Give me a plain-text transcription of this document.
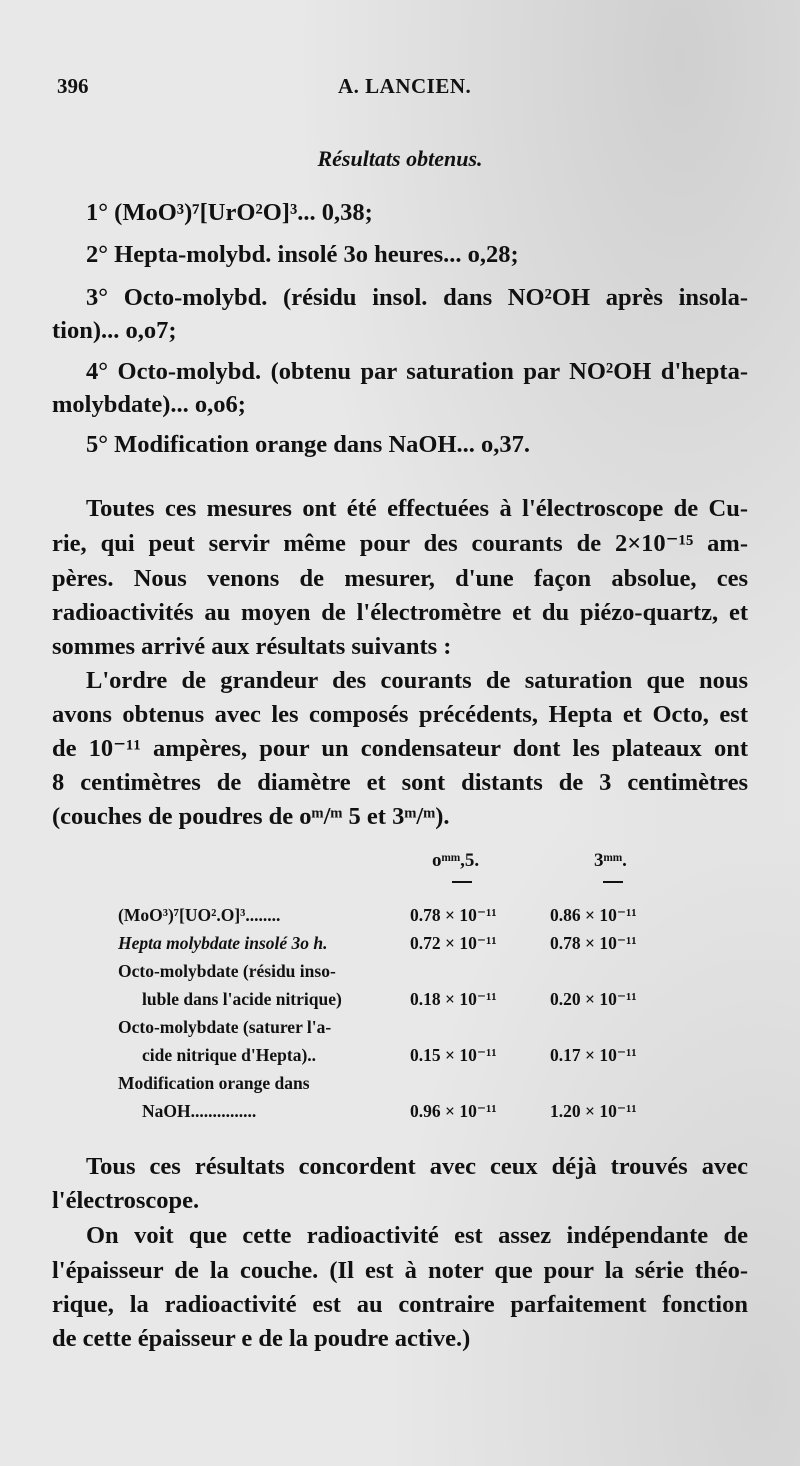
396	A. LANCIEN.
Résultats obtenus.
1° (MoO³)⁷[UrO²O]³... 0,38;
2° Hepta-molybd. insolé 3o heures... o,28;
3° Octo-molybd. (résidu insol. dans NO²OH après insola-
tion)... o,o7;
4° Octo-molybd. (obtenu par saturation par NO²OH d'hepta-
molybdate)... o,o6;
5° Modification orange dans NaOH... o,37.
Toutes ces mesures ont été effectuées à l'électroscope de Cu-
rie, qui peut servir même pour des courants de 2×10⁻¹⁵ am-
pères. Nous venons de mesurer, d'une façon absolue, ces
radioactivités au moyen de l'électromètre et du piézo-quartz, et
sommes arrivé aux résultats suivants :
L'ordre de grandeur des courants de saturation que nous
avons obtenus avec les composés précédents, Hepta et Octo, est
de 10⁻¹¹ ampères, pour un condensateur dont les plateaux ont
8 centimètres de diamètre et sont distants de 3 centimètres
(couches de poudres de oᵐ/ᵐ 5 et 3ᵐ/ᵐ).
oᵐᵐ,5.	3ᵐᵐ.
(MoO³)⁷[UO².O]³........	0.78 × 10⁻¹¹	0.86 × 10⁻¹¹
Hepta molybdate insolé 3o h.	0.72 × 10⁻¹¹	0.78 × 10⁻¹¹
Octo-molybdate (résidu inso-
luble dans l'acide nitrique)	0.18 × 10⁻¹¹	0.20 × 10⁻¹¹
Octo-molybdate (saturer l'a-
cide nitrique d'Hepta)..	0.15 × 10⁻¹¹	0.17 × 10⁻¹¹
Modification orange dans
NaOH...............	0.96 × 10⁻¹¹	1.20 × 10⁻¹¹
Tous ces résultats concordent avec ceux déjà trouvés avec
l'électroscope.
On voit que cette radioactivité est assez indépendante de
l'épaisseur de la couche. (Il est à noter que pour la série théo-
rique, la radioactivité est au contraire parfaitement fonction
de cette épaisseur e de la poudre active.)
